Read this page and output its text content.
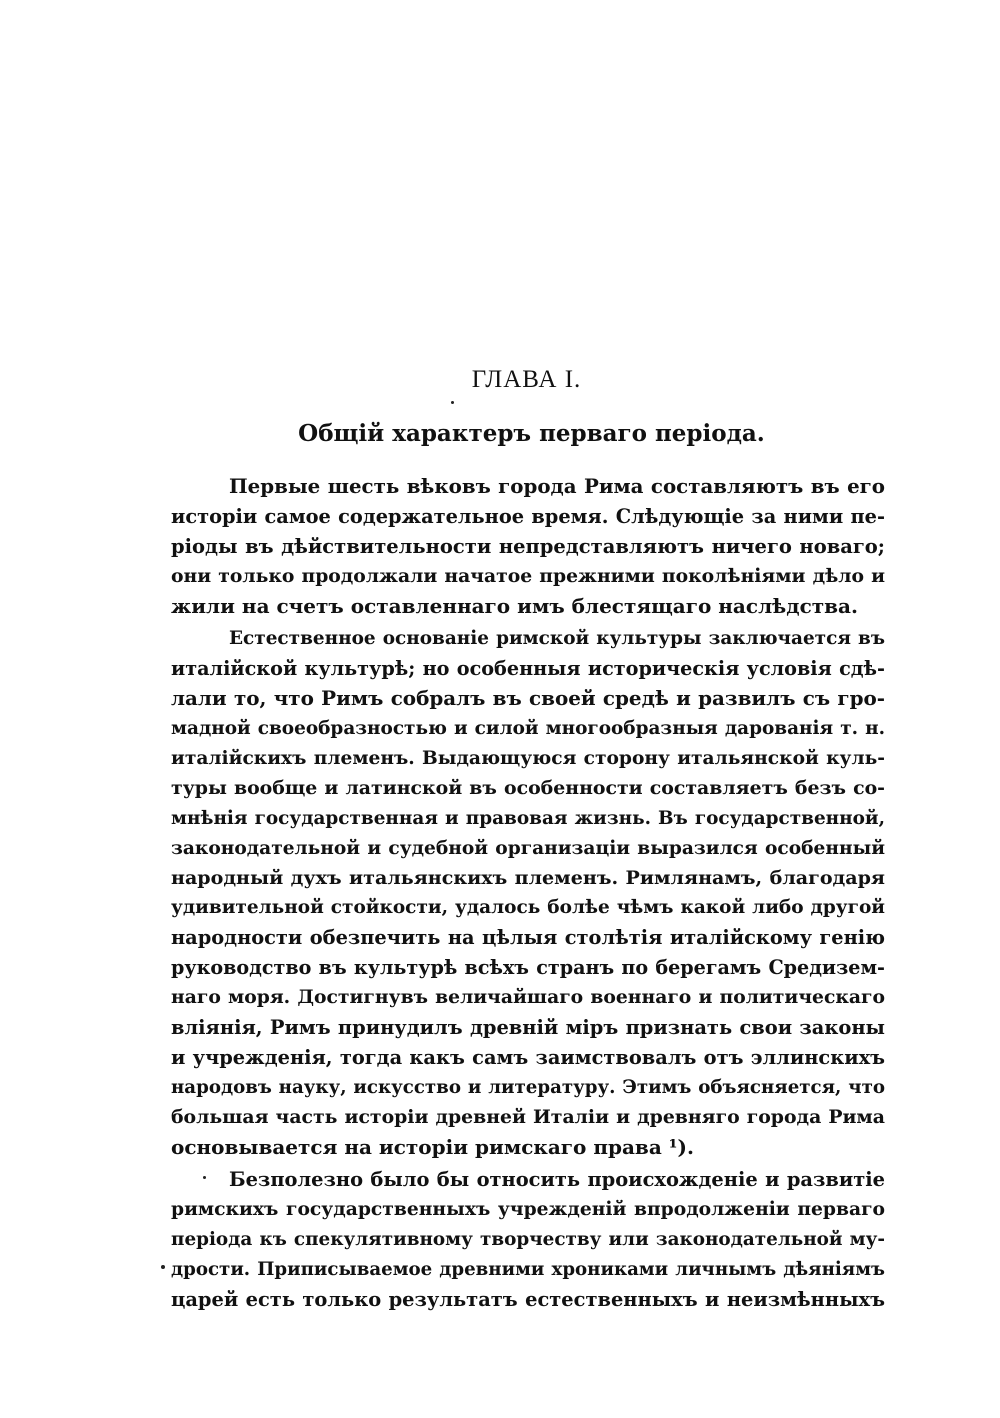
ГЛАВА I.
Общій характеръ перваго періода.
Первые шесть вѣковъ города Рима составляютъ въ его
исторіи самое содержательное время. Слѣдующіе за ними пе-
ріоды въ дѣйствительности непредставляютъ ничего новаго;
они только продолжали начатое прежними поколѣніями дѣло и
жили на счетъ оставленнаго имъ блестящаго наслѣдства.
Естественное основаніе римской культуры заключается въ
италійской культурѣ; но особенныя историческія условія сдѣ-
лали то, что Римъ собралъ въ своей средѣ и развилъ съ гро-
мадной своеобразностью и силой многообразныя дарованія т. н.
италійскихъ племенъ. Выдающуюся сторону итальянской куль-
туры вообще и латинской въ особенности составляетъ безъ со-
мнѣнія государственная и правовая жизнь. Въ государственной,
законодательной и судебной организаціи выразился особенный
народный духъ итальянскихъ племенъ. Римлянамъ, благодаря
удивительной стойкости, удалось болѣе чѣмъ какой либо другой
народности обезпечить на цѣлыя столѣтія италійскому генію
руководство въ культурѣ всѣхъ странъ по берегамъ Средизем-
наго моря. Достигнувъ величайшаго военнаго и политическаго
вліянія, Римъ принудилъ древній міръ признать свои законы
и учрежденія, тогда какъ самъ заимствовалъ отъ эллинскихъ
народовъ науку, искусство и литературу. Этимъ объясняется, что
большая часть исторіи древней Италіи и древняго города Рима
основывается на исторіи римскаго права ¹).
Безполезно было бы относить происхожденіе и развитіе
римскихъ государственныхъ учрежденій впродолженіи перваго
періода къ спекулятивному творчеству или законодательной му-
дрости. Приписываемое древними хрониками личнымъ дѣяніямъ
царей есть только результатъ естественныхъ и неизмѣнныхъ
